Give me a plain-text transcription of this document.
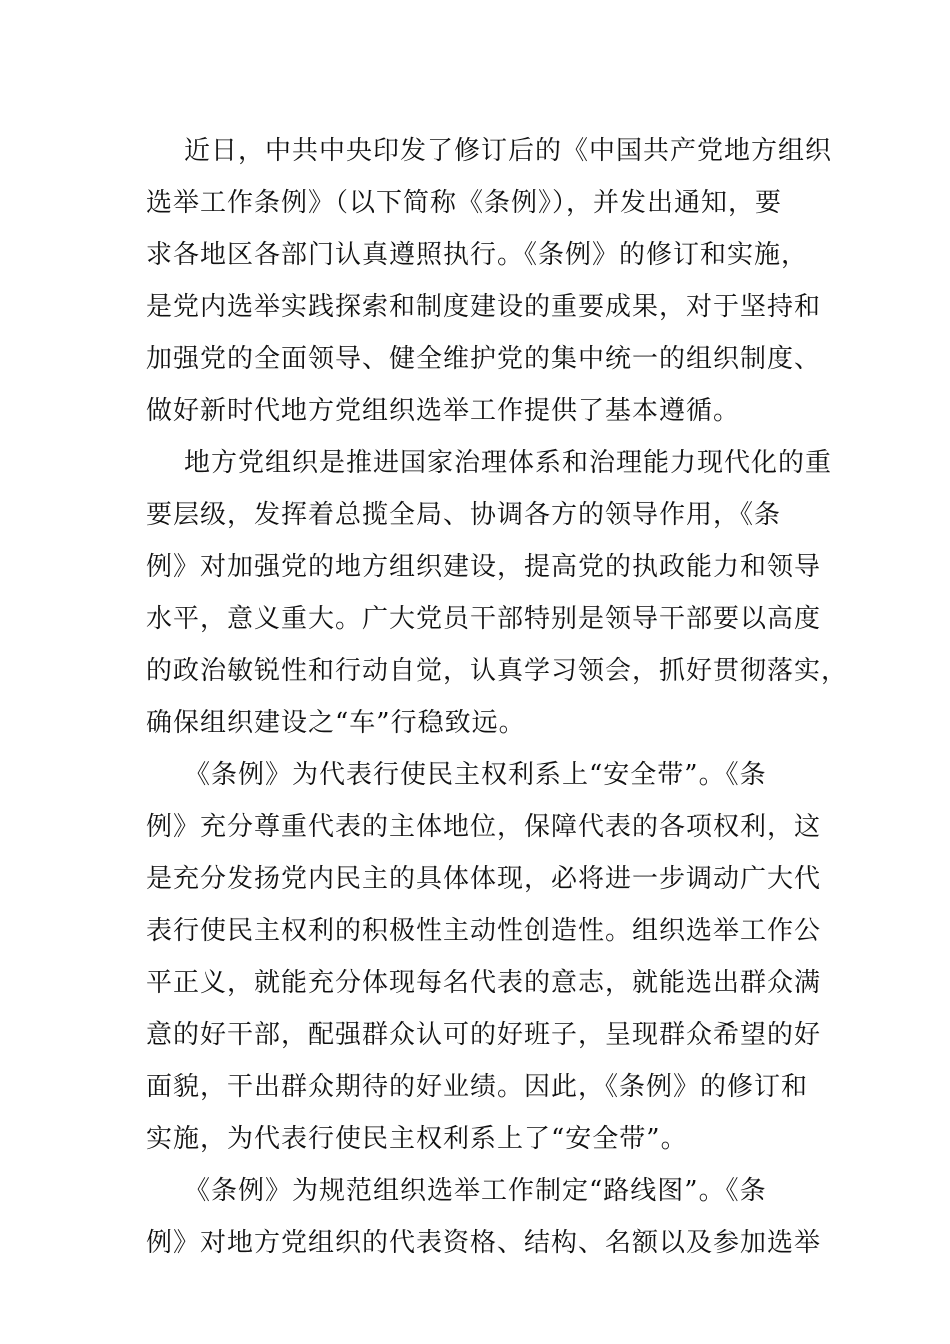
近日，中共中央印发了修订后的《中国共产党地方组织
选举工作条例》（以下简称《条例》），并发出通知，要
求各地区各部门认真遵照执行。《条例》的修订和实施，
是党内选举实践探索和制度建设的重要成果，对于坚持和
加强党的全面领导、健全维护党的集中统一的组织制度、
做好新时代地方党组织选举工作提供了基本遵循。
地方党组织是推进国家治理体系和治理能力现代化的重
要层级，发挥着总揽全局、协调各方的领导作用，《条
例》对加强党的地方组织建设，提高党的执政能力和领导
水平，意义重大。广大党员干部特别是领导干部要以高度
的政治敏锐性和行动自觉，认真学习领会，抓好贯彻落实，
确保组织建设之“车”行稳致远。
《条例》为代表行使民主权利系上“安全带”。《条
例》充分尊重代表的主体地位，保障代表的各项权利，这
是充分发扬党内民主的具体体现，必将进一步调动广大代
表行使民主权利的积极性主动性创造性。组织选举工作公
平正义，就能充分体现每名代表的意志，就能选出群众满
意的好干部，配强群众认可的好班子，呈现群众希望的好
面貌，干出群众期待的好业绩。因此，《条例》的修订和
实施，为代表行使民主权利系上了“安全带”。
《条例》为规范组织选举工作制定“路线图”。《条
例》对地方党组织的代表资格、结构、名额以及参加选举
